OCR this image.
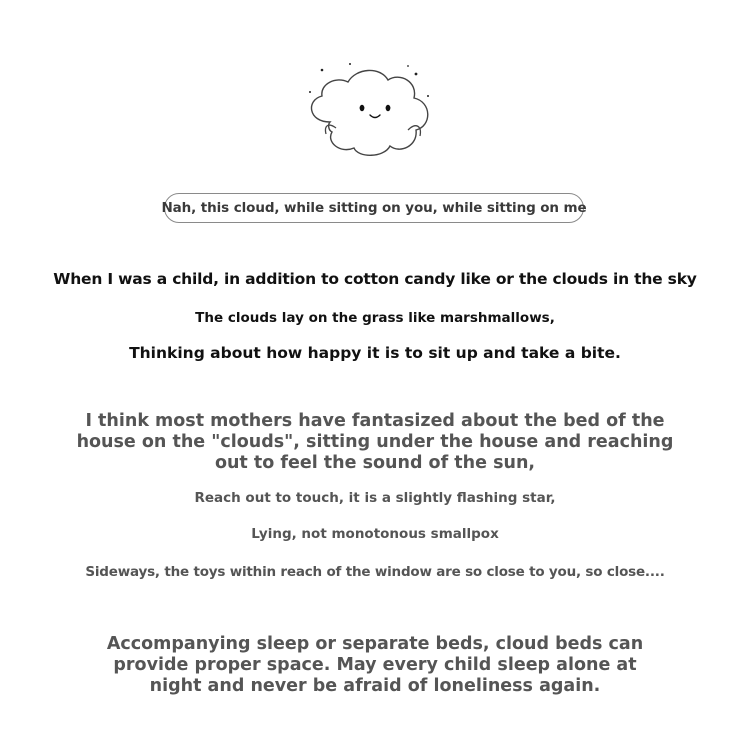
Nah, this cloud, while sitting on you, while sitting on me
When I was a child, in addition to cotton candy like or the clouds in the sky
The clouds lay on the grass like marshmallows,
Thinking about how happy it is to sit up and take a bite.
I think most mothers have fantasized about the bed of the house on the "clouds", sitting under the house and reaching out to feel the sound of the sun,
Reach out to touch, it is a slightly flashing star,
Lying, not monotonous smallpox
Sideways, the toys within reach of the window are so close to you, so close....
Accompanying sleep or separate beds, cloud beds can provide proper space. May every child sleep alone at night and never be afraid of loneliness again.
